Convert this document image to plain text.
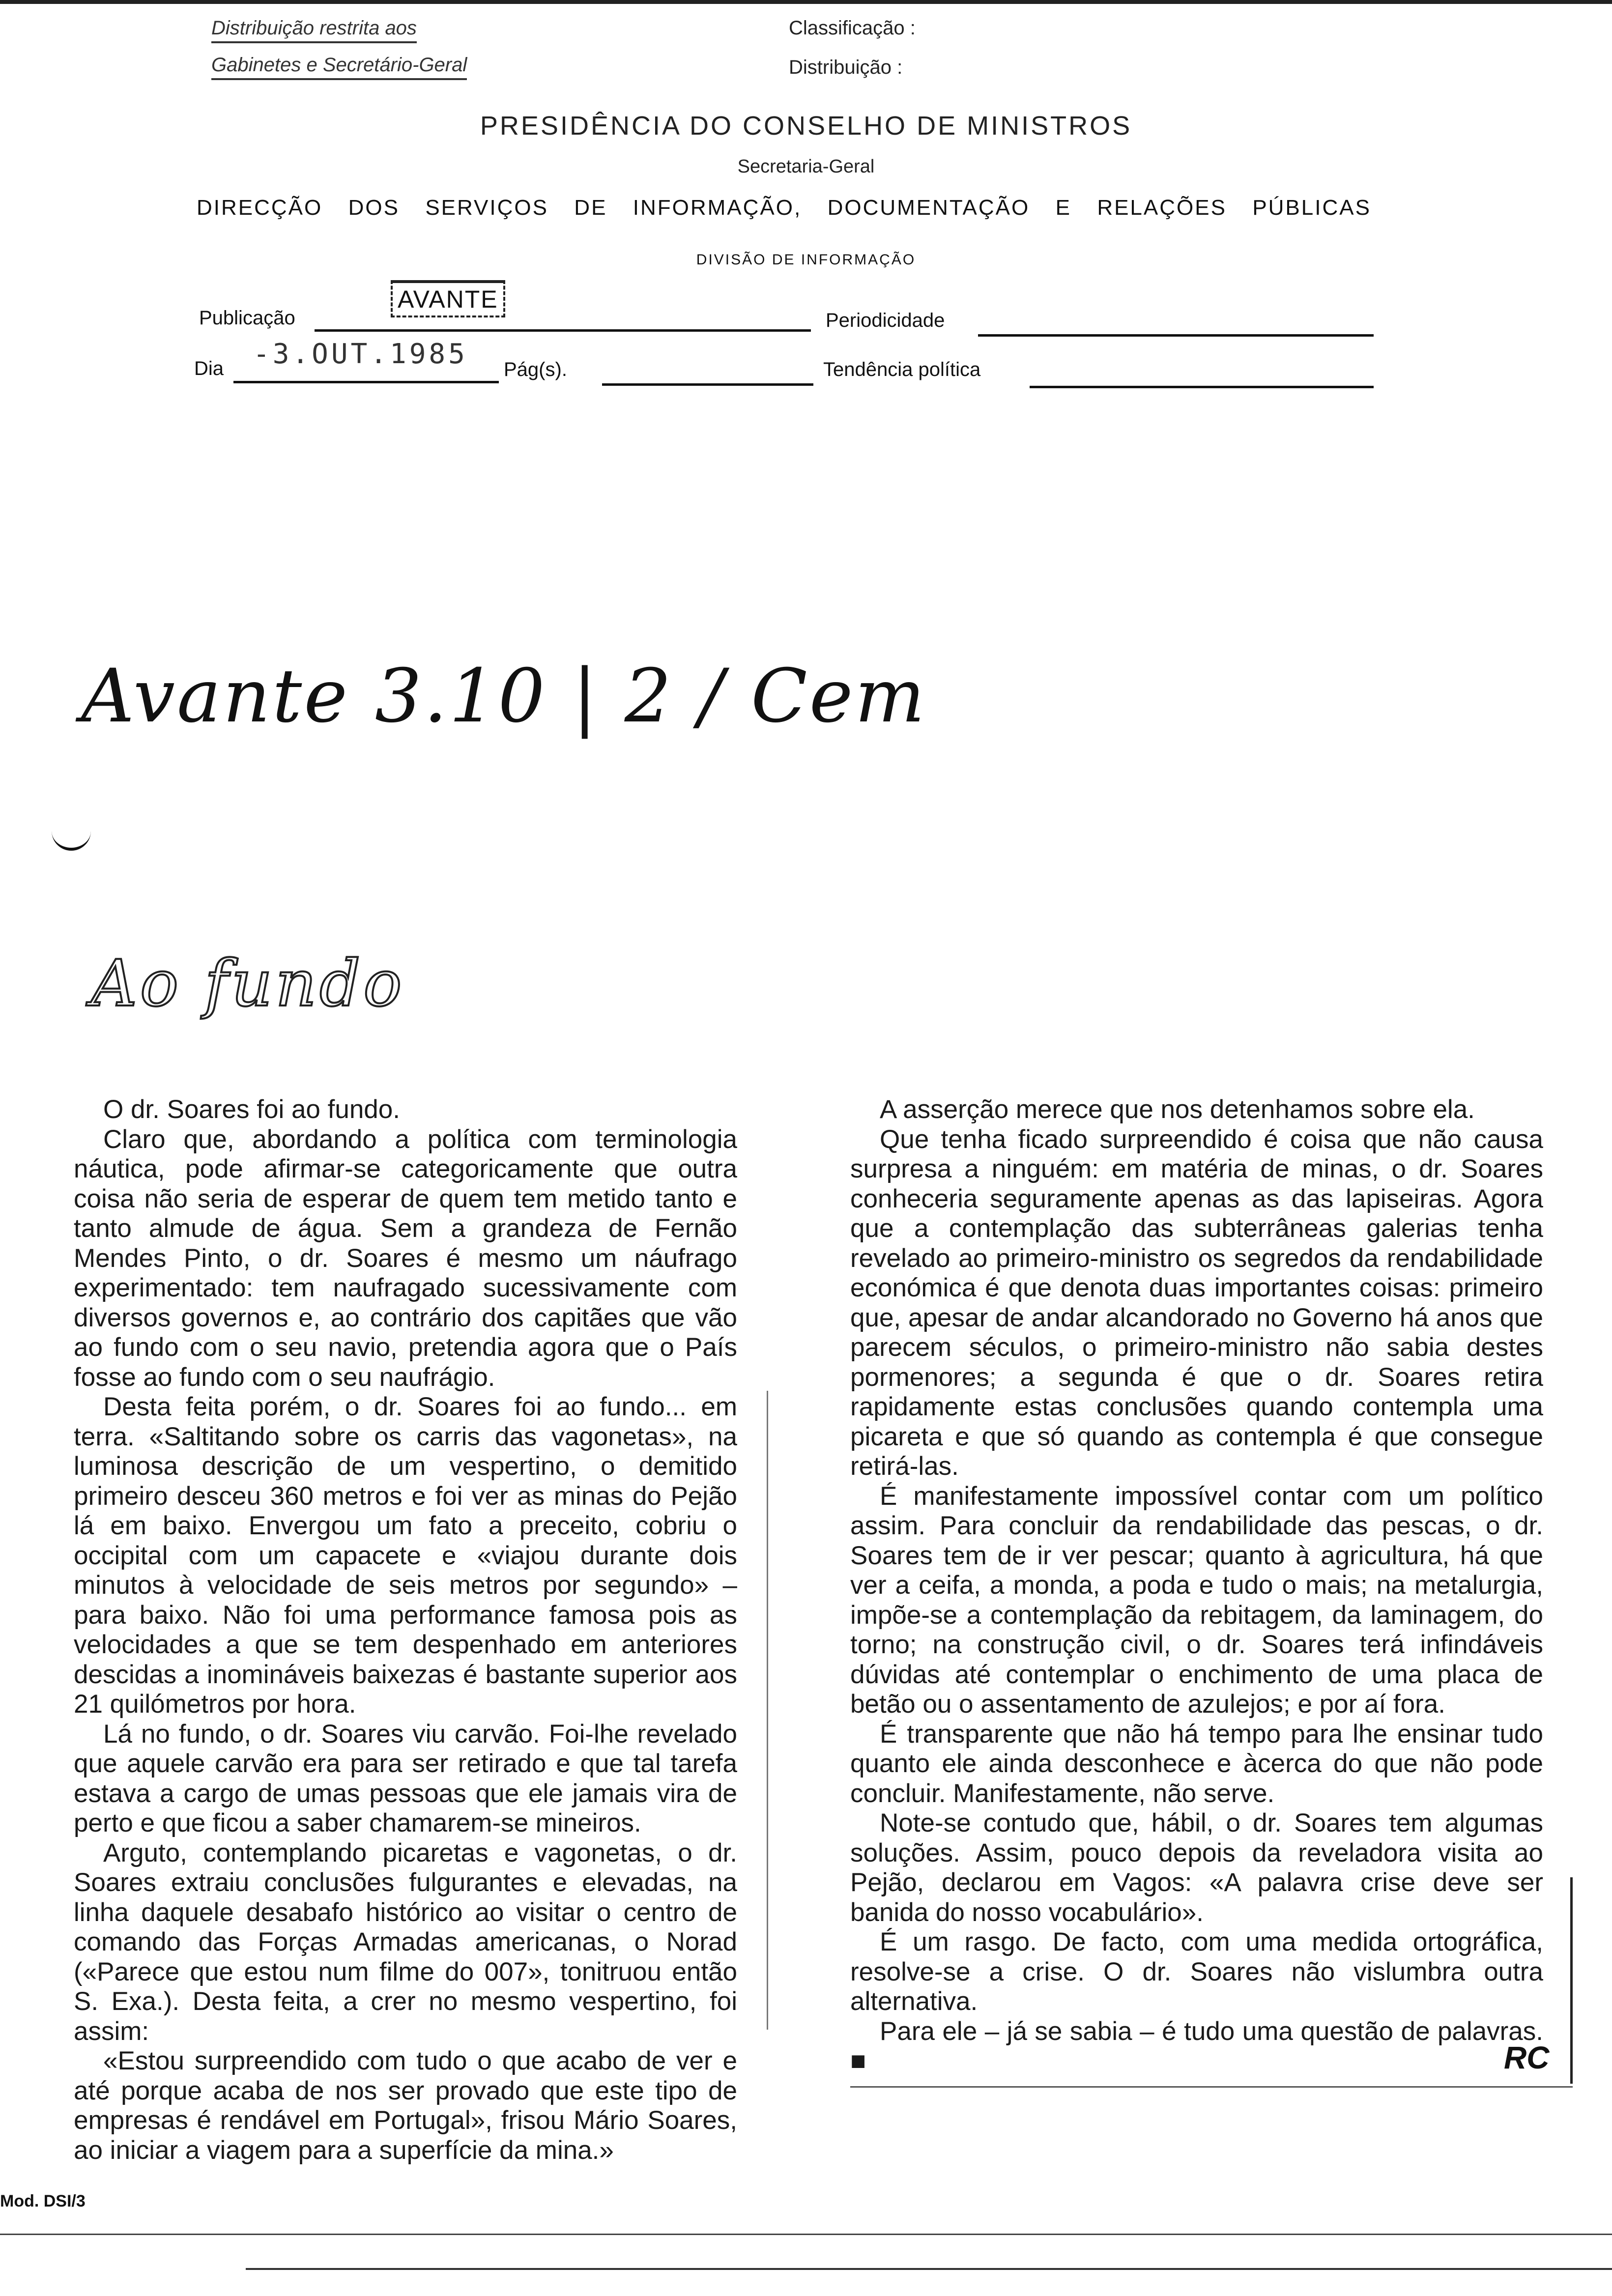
Distribuição restrita aos
Gabinetes e Secretário-Geral
Classificação :
Distribuição :
PRESIDÊNCIA DO CONSELHO DE MINISTROS
Secretaria-Geral
DIRECÇÃO DOS SERVIÇOS DE INFORMAÇÃO, DOCUMENTAÇÃO E RELAÇÕES PÚBLICAS
DIVISÃO DE INFORMAÇÃO
Publicação
AVANTE
Periodicidade
Dia -3.OUT.1985 Pág(s).	Tendência política
Avante 3.10 | 2 / Cem
Ao fundo

O dr. Soares foi ao fundo.

Claro que, abordando a política com terminologia náutica, pode afirmar-se categoricamente que outra coisa não seria de esperar de quem tem metido tanto e tanto almude de água. Sem a grandeza de Fernão Mendes Pinto, o dr. Soares é mesmo um náufrago experimentado: tem naufragado sucessivamente com diversos governos e, ao contrário dos capitães que vão ao fundo com o seu navio, pretendia agora que o País fosse ao fundo com o seu naufrágio.

Desta feita porém, o dr. Soares foi ao fundo... em terra. «Saltitando sobre os carris das vagonetas», na luminosa descrição de um vespertino, o demitido primeiro desceu 360 metros e foi ver as minas do Pejão lá em baixo. Envergou um fato a preceito, cobriu o occipital com um capacete e «viajou durante dois minutos à velocidade de seis metros por segundo» – para baixo. Não foi uma performance famosa pois as velocidades a que se tem despenhado em anteriores descidas a inomináveis baixezas é bastante superior aos 21 quilómetros por hora.

Lá no fundo, o dr. Soares viu carvão. Foi-lhe revelado que aquele carvão era para ser retirado e que tal tarefa estava a cargo de umas pessoas que ele jamais vira de perto e que ficou a saber chamarem-se mineiros.

Arguto, contemplando picaretas e vagonetas, o dr. Soares extraiu conclusões fulgurantes e elevadas, na linha daquele desabafo histórico ao visitar o centro de comando das Forças Armadas americanas, o Norad («Parece que estou num filme do 007», tonitruou então S. Exa.). Desta feita, a crer no mesmo vespertino, foi assim:

«Estou surpreendido com tudo o que acabo de ver e até porque acaba de nos ser provado que este tipo de empresas é rendável em Portugal», frisou Mário Soares, ao iniciar a viagem para a superfície da mina.»

A asserção merece que nos detenhamos sobre ela.

Que tenha ficado surpreendido é coisa que não causa surpresa a ninguém: em matéria de minas, o dr. Soares conheceria seguramente apenas as das lapiseiras. Agora que a contemplação das subterrâneas galerias tenha revelado ao primeiro-ministro os segredos da rendabilidade económica é que denota duas importantes coisas: primeiro que, apesar de andar alcandorado no Governo há anos que parecem séculos, o primeiro-ministro não sabia destes pormenores; a segunda é que o dr. Soares retira rapidamente estas conclusões quando contempla uma picareta e que só quando as contempla é que consegue retirá-las.

É manifestamente impossível contar com um político assim. Para concluir da rendabilidade das pescas, o dr. Soares tem de ir ver pescar; quanto à agricultura, há que ver a ceifa, a monda, a poda e tudo o mais; na metalurgia, impõe-se a contemplação da rebitagem, da laminagem, do torno; na construção civil, o dr. Soares terá infindáveis dúvidas até contemplar o enchimento de uma placa de betão ou o assentamento de azulejos; e por aí fora.

É transparente que não há tempo para lhe ensinar tudo quanto ele ainda desconhece e àcerca do que não pode concluir. Manifestamente, não serve.

Note-se contudo que, hábil, o dr. Soares tem algumas soluções. Assim, pouco depois da reveladora visita ao Pejão, declarou em Vagos: «A palavra crise deve ser banida do nosso vocabulário».

É um rasgo. De facto, com uma medida ortográfica, resolve-se a crise. O dr. Soares não vislumbra outra alternativa.

Para ele – já se sabia – é tudo uma questão de palavras. ■	RC
Mod. DSI/3
